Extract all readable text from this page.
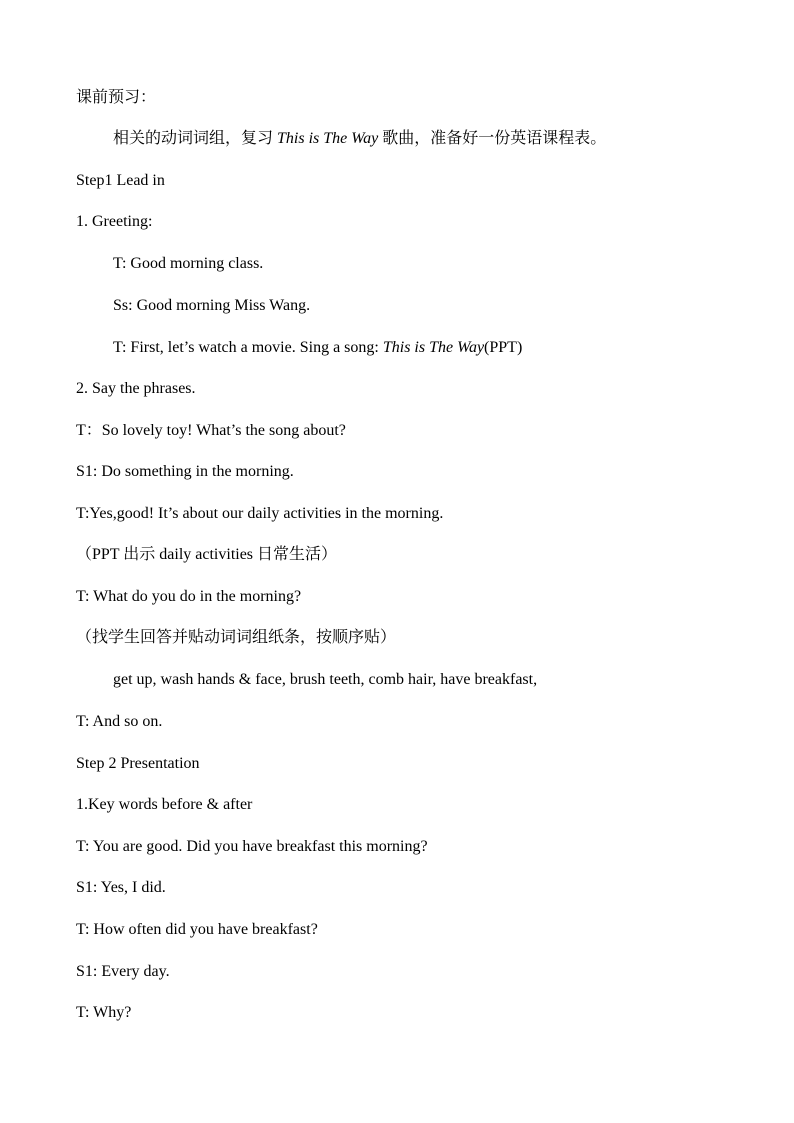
课前预习：
相关的动词词组，复习 This is The Way 歌曲，准备好一份英语课程表。
Step1 Lead in
1. Greeting:
T: Good morning class.
Ss: Good morning Miss Wang.
T: First, let’s watch a movie. Sing a song: This is The Way(PPT)
2. Say the phrases.
T：So lovely toy! What’s the song about?
S1: Do something in the morning.
T:Yes,good! It’s about our daily activities in the morning.
（PPT 出示 daily activities 日常生活）
T: What do you do in the morning?
（找学生回答并贴动词词组纸条，按顺序贴）
get up, wash hands & face, brush teeth, comb hair, have breakfast,
T: And so on.
Step 2 Presentation
1.Key words before & after
T: You are good. Did you have breakfast this morning?
S1: Yes, I did.
T: How often did you have breakfast?
S1: Every day.
T: Why?
